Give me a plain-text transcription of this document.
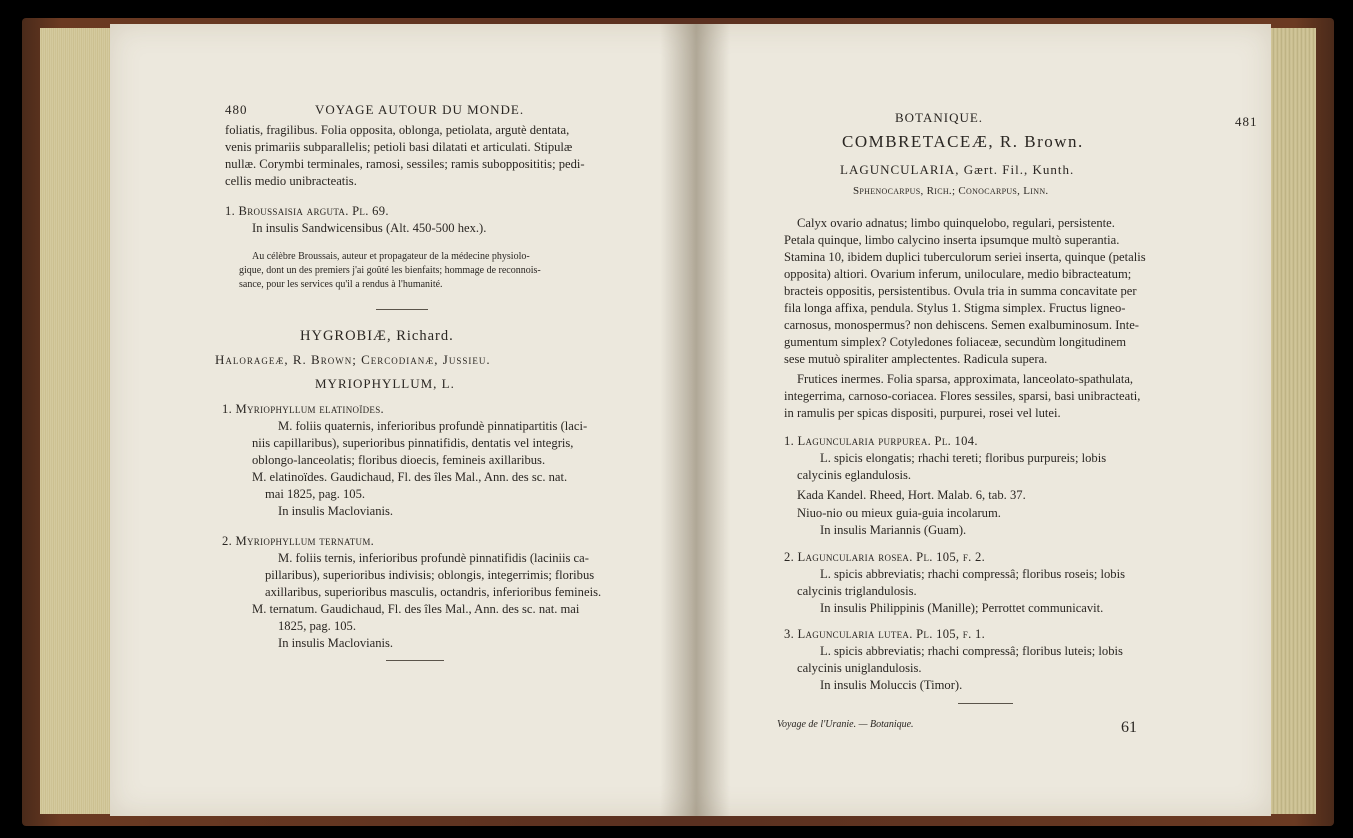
480	VOYAGE AUTOUR DU MONDE.
foliatis, fragilibus. Folia opposita, oblonga, petiolata, argutè dentata,
venis primariis subparallelis; petioli basi dilatati et articulati. Stipulæ
nullæ. Corymbi terminales, ramosi, sessiles; ramis subopposititis; pedi-
cellis medio unibracteatis.
1. Broussaisia arguta. Pl. 69.
In insulis Sandwicensibus (Alt. 450-500 hex.).
Au célèbre Broussais, auteur et propagateur de la médecine physiolo-
gique, dont un des premiers j'ai goûté les bienfaits; hommage de reconnois-
sance, pour les services qu'il a rendus à l'humanité.
HYGROBIÆ, Richard.
Halorageæ, R. Brown; Cercodianæ, Jussieu.
MYRIOPHYLLUM, L.
1. Myriophyllum elatinoïdes.
M. foliis quaternis, inferioribus profundè pinnatipartitis (laci-
niis capillaribus), superioribus pinnatifidis, dentatis vel integris,
oblongo-lanceolatis; floribus dioecis, femineis axillaribus.
M. elatinoïdes. Gaudichaud, Fl. des îles Mal., Ann. des sc. nat.
mai 1825, pag. 105.
In insulis Maclovianis.
2. Myriophyllum ternatum.
M. foliis ternis, inferioribus profundè pinnatifidis (laciniis ca-
pillaribus), superioribus indivisis; oblongis, integerrimis; floribus
axillaribus, superioribus masculis, octandris, inferioribus femineis.
M. ternatum. Gaudichaud, Fl. des îles Mal., Ann. des sc. nat. mai
1825, pag. 105.
In insulis Maclovianis.
BOTANIQUE.	481
COMBRETACEÆ, R. Brown.
LAGUNCULARIA, Gært. Fil., Kunth.
Sphenocarpus, Rich.; Conocarpus, Linn.
Calyx ovario adnatus; limbo quinquelobo, regulari, persistente.
Petala quinque, limbo calycino inserta ipsumque multò superantia.
Stamina 10, ibidem duplici tuberculorum seriei inserta, quinque (petalis
opposita) altiori. Ovarium inferum, uniloculare, medio bibracteatum;
bracteis oppositis, persistentibus. Ovula tria in summa concavitate per
fila longa affixa, pendula. Stylus 1. Stigma simplex. Fructus ligneo-
carnosus, monospermus? non dehiscens. Semen exalbuminosum. Inte-
gumentum simplex? Cotyledones foliaceæ, secundùm longitudinem
sese mutuò spiraliter amplectentes. Radicula supera.
Frutices inermes. Folia sparsa, approximata, lanceolato-spathulata,
integerrima, carnoso-coriacea. Flores sessiles, sparsi, basi unibracteati,
in ramulis per spicas dispositi, purpurei, rosei vel lutei.
1. Laguncularia purpurea. Pl. 104.
L. spicis elongatis; rhachi tereti; floribus purpureis; lobis
calycinis eglandulosis.
Kada Kandel. Rheed, Hort. Malab. 6, tab. 37.
Niuo-nio ou mieux guia-guia incolarum.
In insulis Mariannis (Guam).
2. Laguncularia rosea. Pl. 105, f. 2.
L. spicis abbreviatis; rhachi compressâ; floribus roseis; lobis
calycinis triglandulosis.
In insulis Philippinis (Manille); Perrottet communicavit.
3. Laguncularia lutea. Pl. 105, f. 1.
L. spicis abbreviatis; rhachi compressâ; floribus luteis; lobis
calycinis uniglandulosis.
In insulis Moluccis (Timor).
Voyage de l'Uranie. — Botanique.	61
